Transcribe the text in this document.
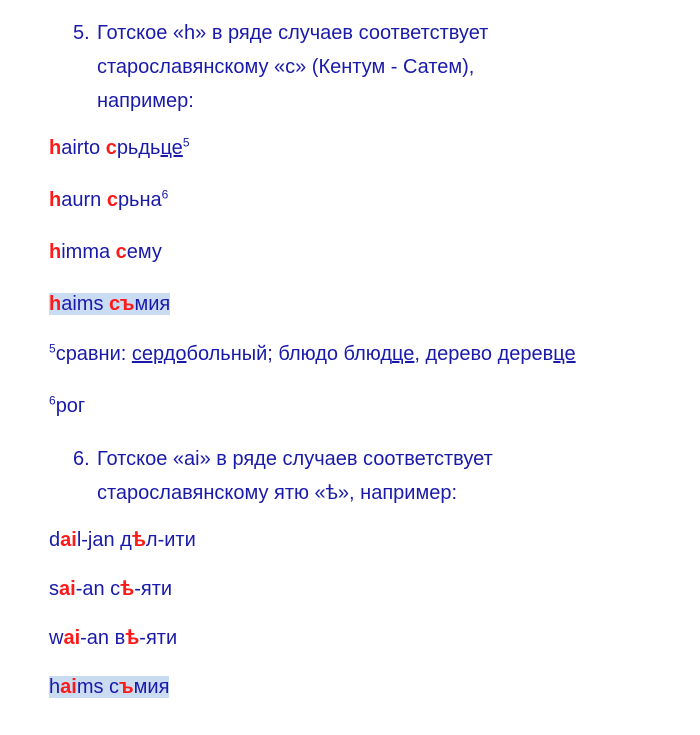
5. Готское «h» в ряде случаев соответствует
старославянскому «с» (Кентум - Сатем),
например:
hairto срьдьце$^5$
haurn срьна$^6$
himma сему
haims съмия
$^5$сравни: сердобольный; блюдо блюдце, дерево деревце
$^6$рог
6. Готское «ai» в ряде случаев соответствует
старославянскому ятю «ѣ», например:
dail-jan дѣл-ити
sai-an сѣ-яти
wai-an вѣ-яти
haims съмия
